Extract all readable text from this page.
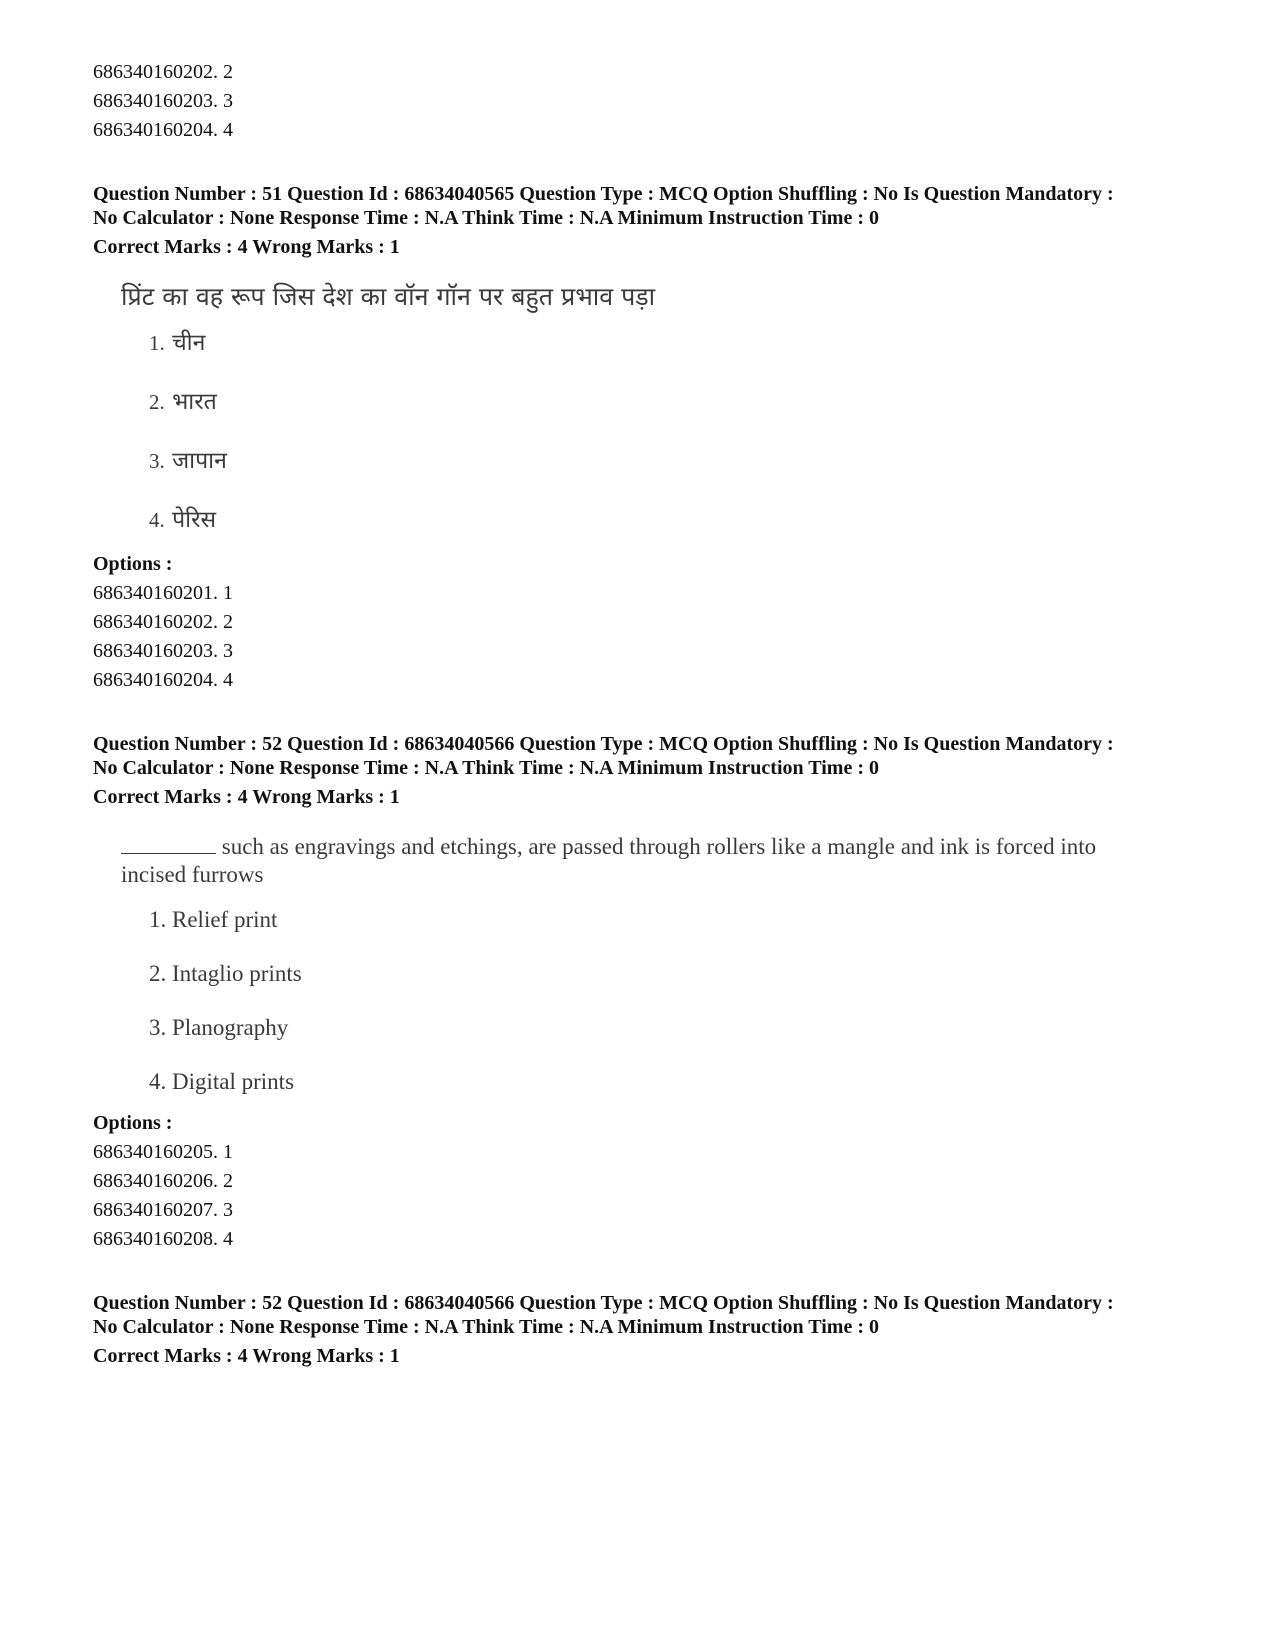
686340160202. 2
686340160203. 3
686340160204. 4
Question Number : 51 Question Id : 68634040565 Question Type : MCQ Option Shuffling : No Is Question Mandatory :
No Calculator : None Response Time : N.A Think Time : N.A Minimum Instruction Time : 0
Correct Marks : 4 Wrong Marks : 1
प्रिंट का वह रूप जिस देश का वॉन गॉन पर बहुत प्रभाव पड़ा
1. चीन
2. भारत
3. जापान
4. पेरिस
Options :
686340160201. 1
686340160202. 2
686340160203. 3
686340160204. 4
Question Number : 52 Question Id : 68634040566 Question Type : MCQ Option Shuffling : No Is Question Mandatory :
No Calculator : None Response Time : N.A Think Time : N.A Minimum Instruction Time : 0
Correct Marks : 4 Wrong Marks : 1
such as engravings and etchings, are passed through rollers like a mangle and ink is forced into incised furrows
1. Relief print
2. Intaglio prints
3. Planography
4. Digital prints
Options :
686340160205. 1
686340160206. 2
686340160207. 3
686340160208. 4
Question Number : 52 Question Id : 68634040566 Question Type : MCQ Option Shuffling : No Is Question Mandatory :
No Calculator : None Response Time : N.A Think Time : N.A Minimum Instruction Time : 0
Correct Marks : 4 Wrong Marks : 1
